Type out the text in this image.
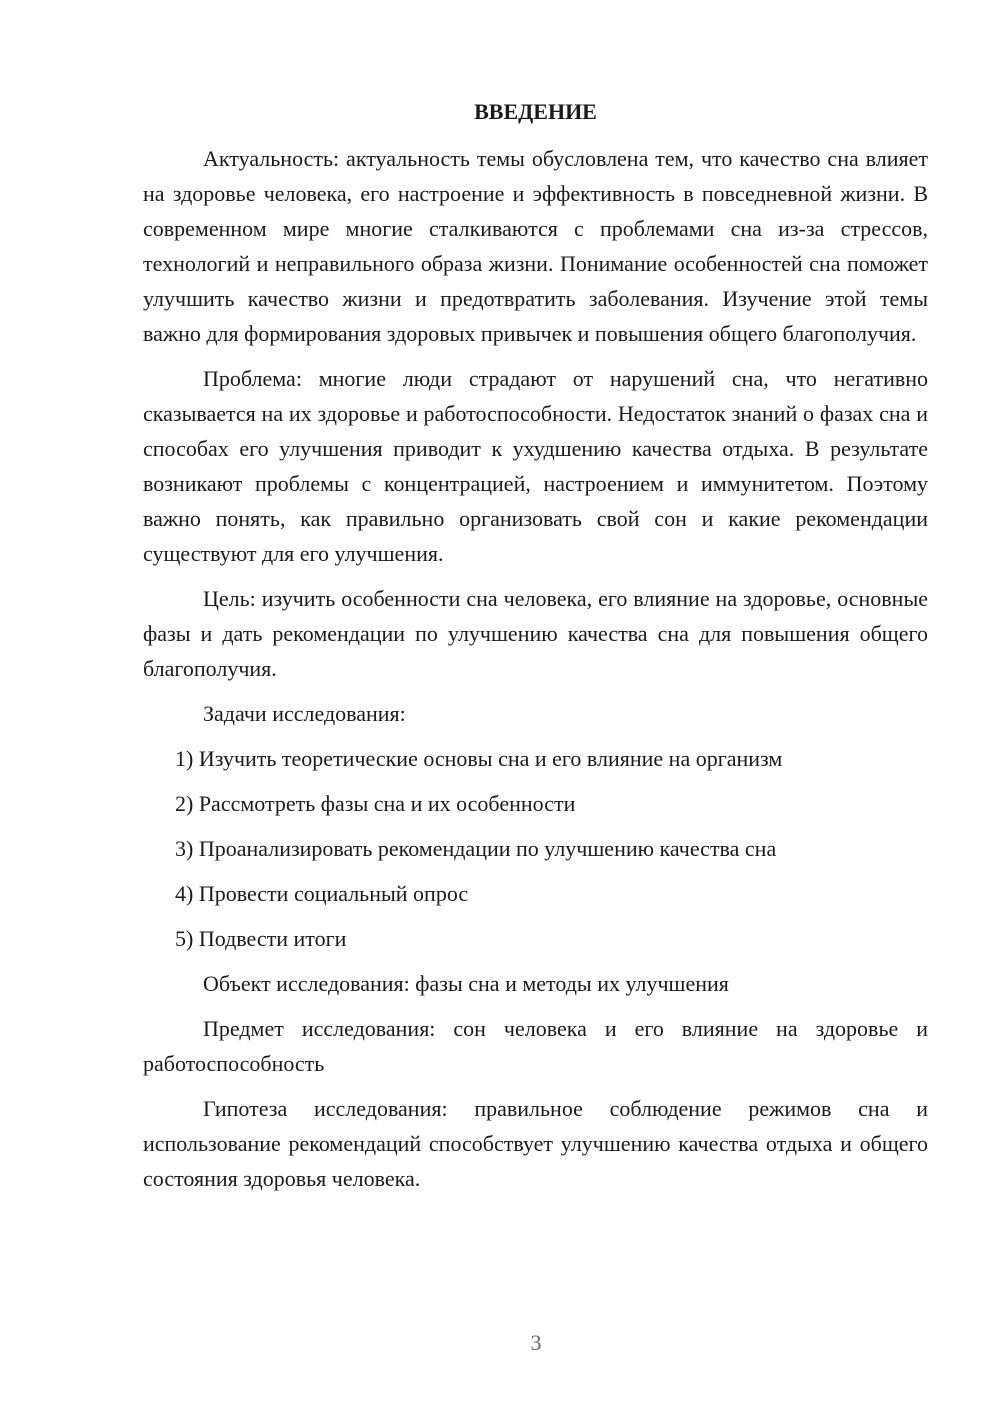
ВВЕДЕНИЕ

Актуальность: актуальность темы обусловлена тем, что качество сна влияет на здоровье человека, его настроение и эффективность в повседневной жизни. В современном мире многие сталкиваются с проблемами сна из-за стрессов, технологий и неправильного образа жизни. Понимание особенностей сна поможет улучшить качество жизни и предотвратить заболевания. Изучение этой темы важно для формирования здоровых привычек и повышения общего благополучия.

Проблема: многие люди страдают от нарушений сна, что негативно сказывается на их здоровье и работоспособности. Недостаток знаний о фазах сна и способах его улучшения приводит к ухудшению качества отдыха. В результате возникают проблемы с концентрацией, настроением и иммунитетом. Поэтому важно понять, как правильно организовать свой сон и какие рекомендации существуют для его улучшения.

Цель: изучить особенности сна человека, его влияние на здоровье, основные фазы и дать рекомендации по улучшению качества сна для повышения общего благополучия.

Задачи исследования:

1) Изучить теоретические основы сна и его влияние на организм

2) Рассмотреть фазы сна и их особенности

3) Проанализировать рекомендации по улучшению качества сна

4) Провести социальный опрос

5) Подвести итоги

Объект исследования: фазы сна и методы их улучшения

Предмет исследования: сон человека и его влияние на здоровье и работоспособность

Гипотеза исследования: правильное соблюдение режимов сна и использование рекомендаций способствует улучшению качества отдыха и общего состояния здоровья человека.

3
